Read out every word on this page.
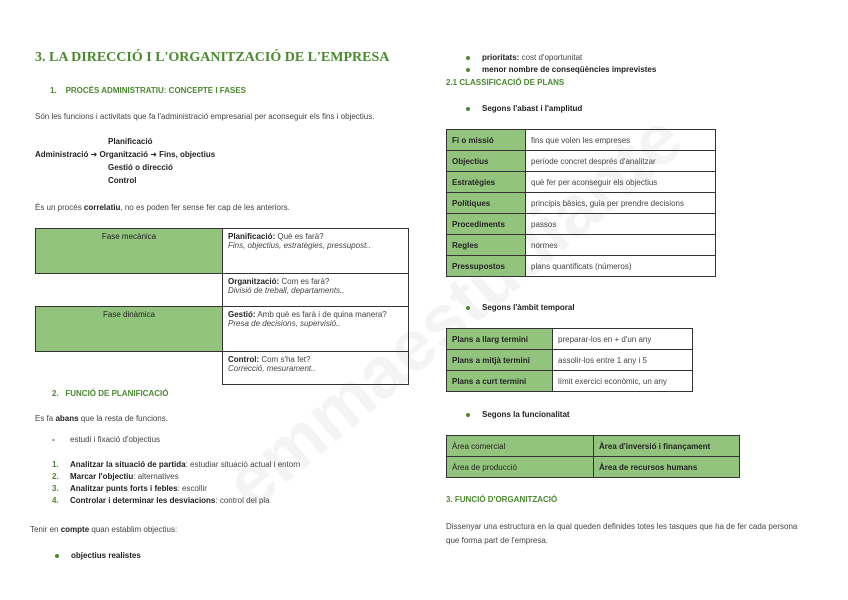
3. LA DIRECCIÓ I L'ORGANITZACIÓ DE L'EMPRESA
1. PROCÉS ADMINISTRATIU: CONCEPTE I FASES
Són les funcions i activitats que fa l'administració empresarial per aconseguir els fins i objectius.
Planificació
Administració ➜ Organització ➜ Fins, objectius
Gestió o direcció
Control
És un procés correlatiu, no es poden fer sense fer cap de les anteriors.
Fase mecànica	Planificació: Què es farà?
Fins, objectius, estratègies, pressupost..
	Organització: Com es farà?
Divisió de treball, departaments..
Fase dinàmica	Gestió: Amb què es farà i de quina manera?
Presa de decisions, supervisió..
	Control: Com s'ha fet?
Correcció, mesurament..
2. FUNCIÓ DE PLANIFICACIÓ
Es fa abans que la resta de funcions.
- estudi i fixació d'objectius
1. Analitzar la situació de partida: estudiar situació actual i entorn
2. Marcar l'objectiu: alternatives
3. Analitzar punts forts i febles: escollir
4. Controlar i determinar les desviacions: control del pla
Tenir en compte quan establim objectius:
objectius realistes
prioritats: cost d'oportunitat
menor nombre de conseqüències imprevistes
2.1 CLASSIFICACIÓ DE PLANS
Segons l'abast i l'amplitud
Fi o missió	fins que volen les empreses
Objectius	període concret després d'analitzar
Estratègies	què fer per aconseguir els objectius
Polítiques	principis bàsics, guia per prendre decisions
Procediments	passos
Regles	normes
Pressupostos	plans quantificats (números)
Segons l'àmbit temporal
Plans a llarg termini	preparar-los en + d'un any
Plans a mitjà termini	assolir-los entre 1 any i 5
Plans a curt termini	límit exercici econòmic, un any
Segons la funcionalitat
Àrea comercial	Àrea d'inversió i finançament
Àrea de producció	Àrea de recursos humans
3. FUNCIÓ D'ORGANITZACIÓ
Dissenyar una estructura en la qual queden definides totes les tasques que ha de fer cada persona que forma part de l'empresa.
